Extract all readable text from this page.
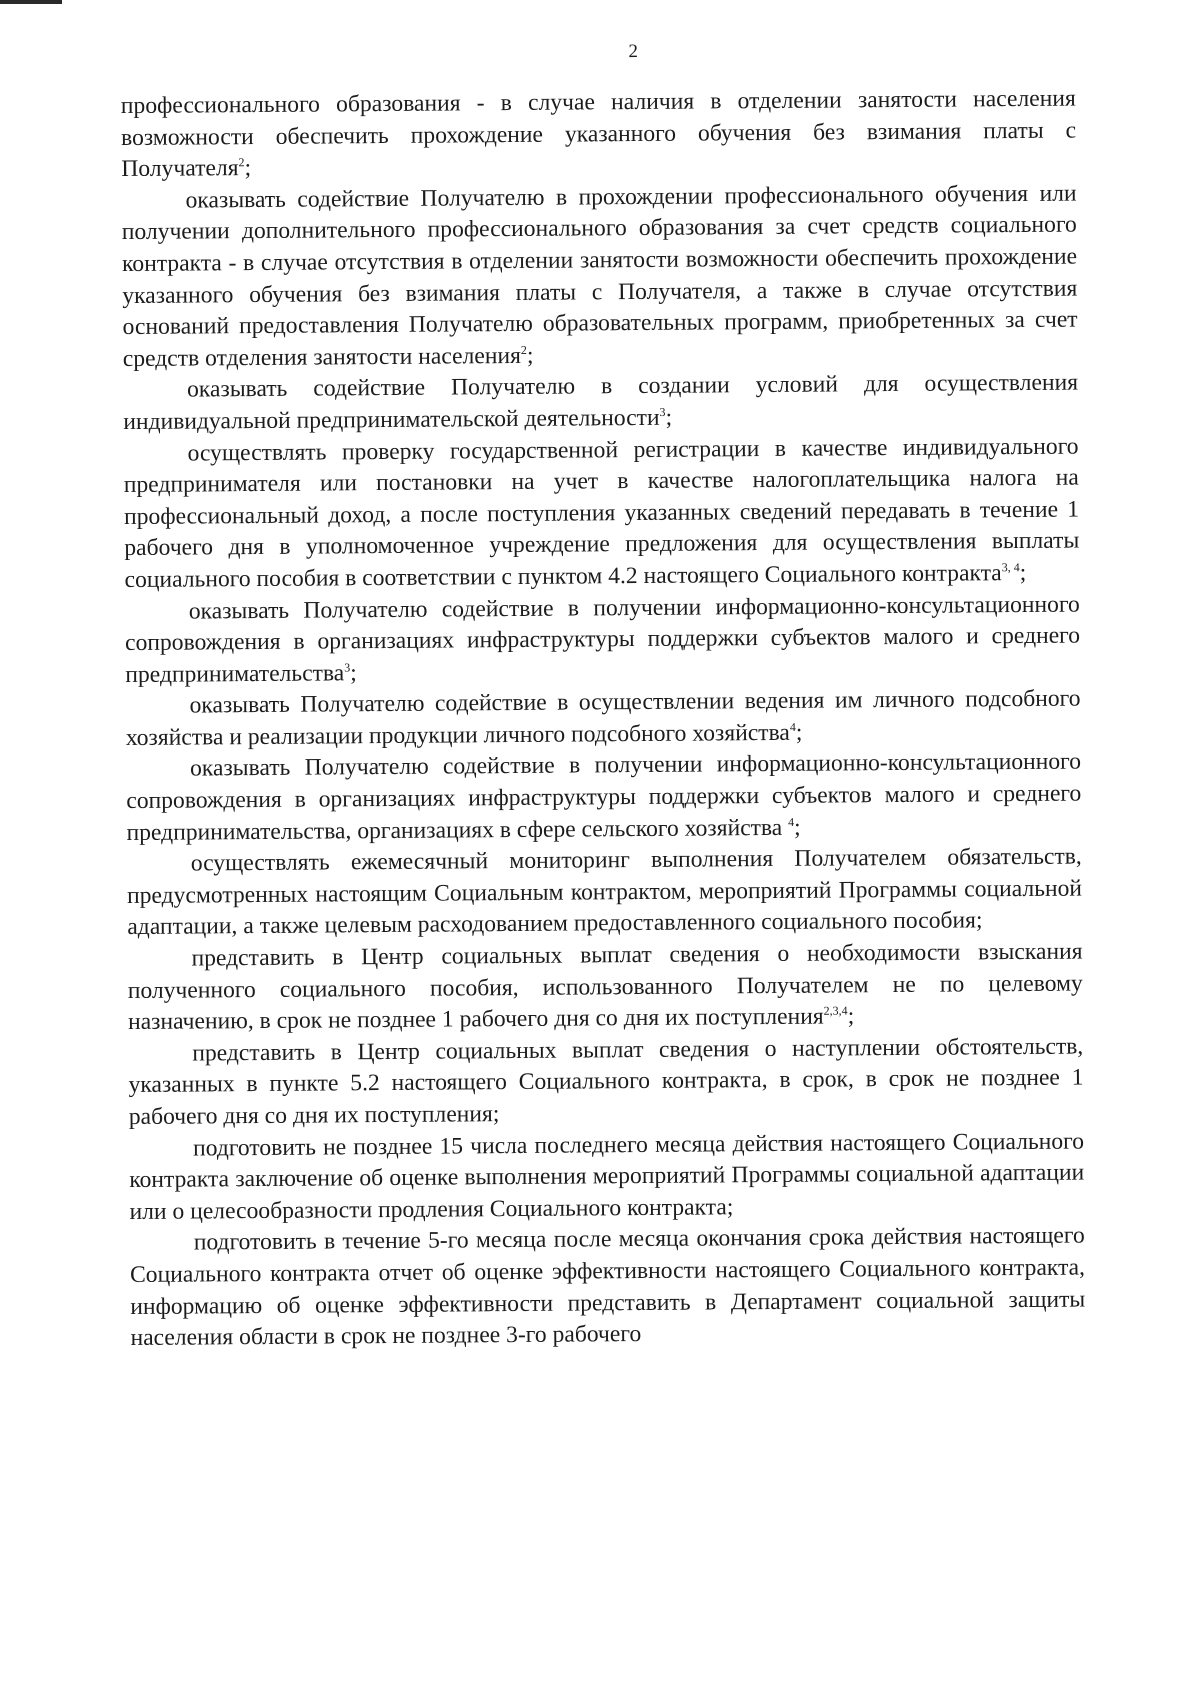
2

профессионального образования - в случае наличия в отделении занятости населения возможности обеспечить прохождение указанного обучения без взимания платы с Получателя$^2$;

оказывать содействие Получателю в прохождении профессионального обучения или получении дополнительного профессионального образования за счет средств социального контракта - в случае отсутствия в отделении занятости возможности обеспечить прохождение указанного обучения без взимания платы с Получателя, а также в случае отсутствия оснований предоставления Получателю образовательных программ, приобретенных за счет средств отделения занятости населения$^2$;

оказывать содействие Получателю в создании условий для осуществления индивидуальной предпринимательской деятельности$^3$;

осуществлять проверку государственной регистрации в качестве индивидуального предпринимателя или постановки на учет в качестве налогоплательщика налога на профессиональный доход, а после поступления указанных сведений передавать в течение 1 рабочего дня в уполномоченное учреждение предложения для осуществления выплаты социального пособия в соответствии с пунктом 4.2 настоящего Социального контракта$^{3, 4}$;

оказывать Получателю содействие в получении информационно-консультационного сопровождения в организациях инфраструктуры поддержки субъектов малого и среднего предпринимательства$^3$;

оказывать Получателю содействие в осуществлении ведения им личного подсобного хозяйства и реализации продукции личного подсобного хозяйства$^4$;

оказывать Получателю содействие в получении информационно-консультационного сопровождения в организациях инфраструктуры поддержки субъектов малого и среднего предпринимательства, организациях в сфере сельского хозяйства $^4$;

осуществлять ежемесячный мониторинг выполнения Получателем обязательств, предусмотренных настоящим Социальным контрактом, мероприятий Программы социальной адаптации, а также целевым расходованием предоставленного социального пособия;

представить в Центр социальных выплат сведения о необходимости взыскания полученного социального пособия, использованного Получателем не по целевому назначению, в срок не позднее 1 рабочего дня со дня их поступления$^{2,3,4}$;

представить в Центр социальных выплат сведения о наступлении обстоятельств, указанных в пункте 5.2 настоящего Социального контракта, в срок, в срок не позднее 1 рабочего дня со дня их поступления;

подготовить не позднее 15 числа последнего месяца действия настоящего Социального контракта заключение об оценке выполнения мероприятий Программы социальной адаптации или о целесообразности продления Социального контракта;

подготовить в течение 5-го месяца после месяца окончания срока действия настоящего Социального контракта отчет об оценке эффективности настоящего Социального контракта, информацию об оценке эффективности представить в Департамент социальной защиты населения области в срок не позднее 3-го рабочего
